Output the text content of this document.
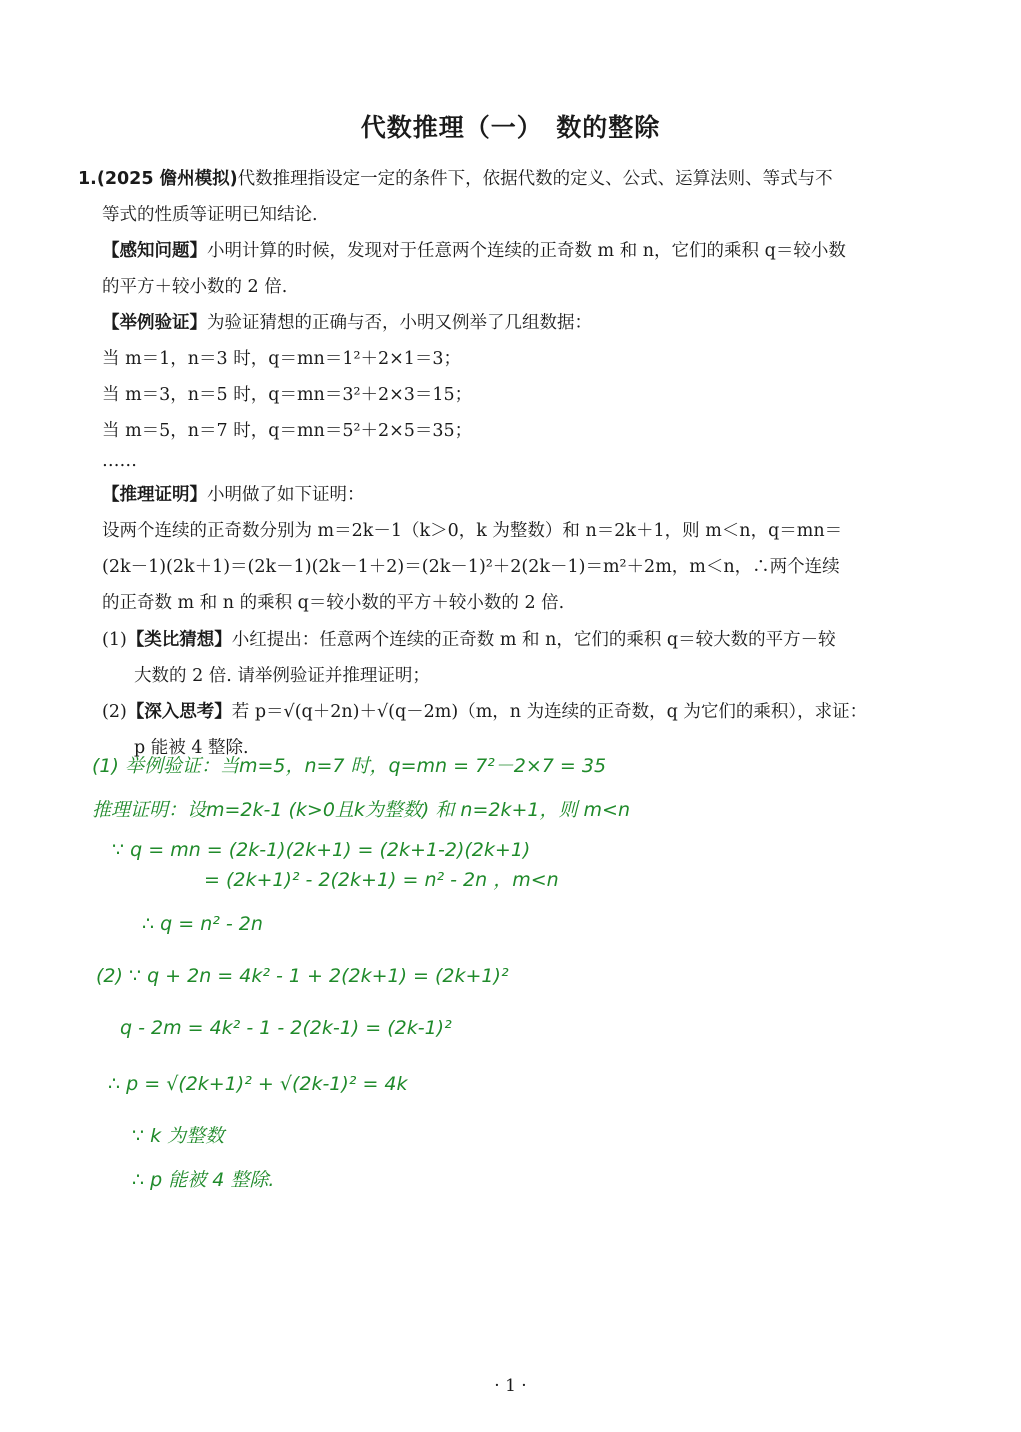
代数推理（一）　数的整除
1.(2025 儋州模拟)代数推理指设定一定的条件下，依据代数的定义、公式、运算法则、等式与不
等式的性质等证明已知结论.
【感知问题】小明计算的时候，发现对于任意两个连续的正奇数 m 和 n，它们的乘积 q＝较小数
的平方＋较小数的 2 倍.
【举例验证】为验证猜想的正确与否，小明又例举了几组数据：
当 m＝1，n＝3 时，q＝mn＝1²＋2×1＝3；
当 m＝3，n＝5 时，q＝mn＝3²＋2×3＝15；
当 m＝5，n＝7 时，q＝mn＝5²＋2×5＝35；
……
【推理证明】小明做了如下证明：
设两个连续的正奇数分别为 m＝2k－1（k＞0，k 为整数）和 n＝2k＋1，则 m＜n，q＝mn＝
(2k－1)(2k＋1)＝(2k－1)(2k－1＋2)＝(2k－1)²＋2(2k－1)＝m²＋2m，m＜n，∴两个连续
的正奇数 m 和 n 的乘积 q＝较小数的平方＋较小数的 2 倍.
(1)【类比猜想】小红提出：任意两个连续的正奇数 m 和 n，它们的乘积 q＝较大数的平方－较
大数的 2 倍. 请举例验证并推理证明；
(2)【深入思考】若 p＝√(q＋2n)＋√(q－2m)（m，n 为连续的正奇数，q 为它们的乘积），求证：
p 能被 4 整除.
(1) 举例验证：当m=5，n=7 时，q=mn = 7²－2×7 = 35
推理证明：设m=2k-1 (k>0且k为整数) 和 n=2k+1，则 m<n
∵ q = mn = (2k-1)(2k+1) = (2k+1-2)(2k+1)
= (2k+1)² - 2(2k+1) = n² - 2n ，m<n
∴ q = n² - 2n
(2) ∵ q + 2n = 4k² - 1 + 2(2k+1) = (2k+1)²
q - 2m = 4k² - 1 - 2(2k-1) = (2k-1)²
∴ p = √(2k+1)² + √(2k-1)² = 4k
∵ k 为整数
∴ p 能被 4 整除.
· 1 ·
